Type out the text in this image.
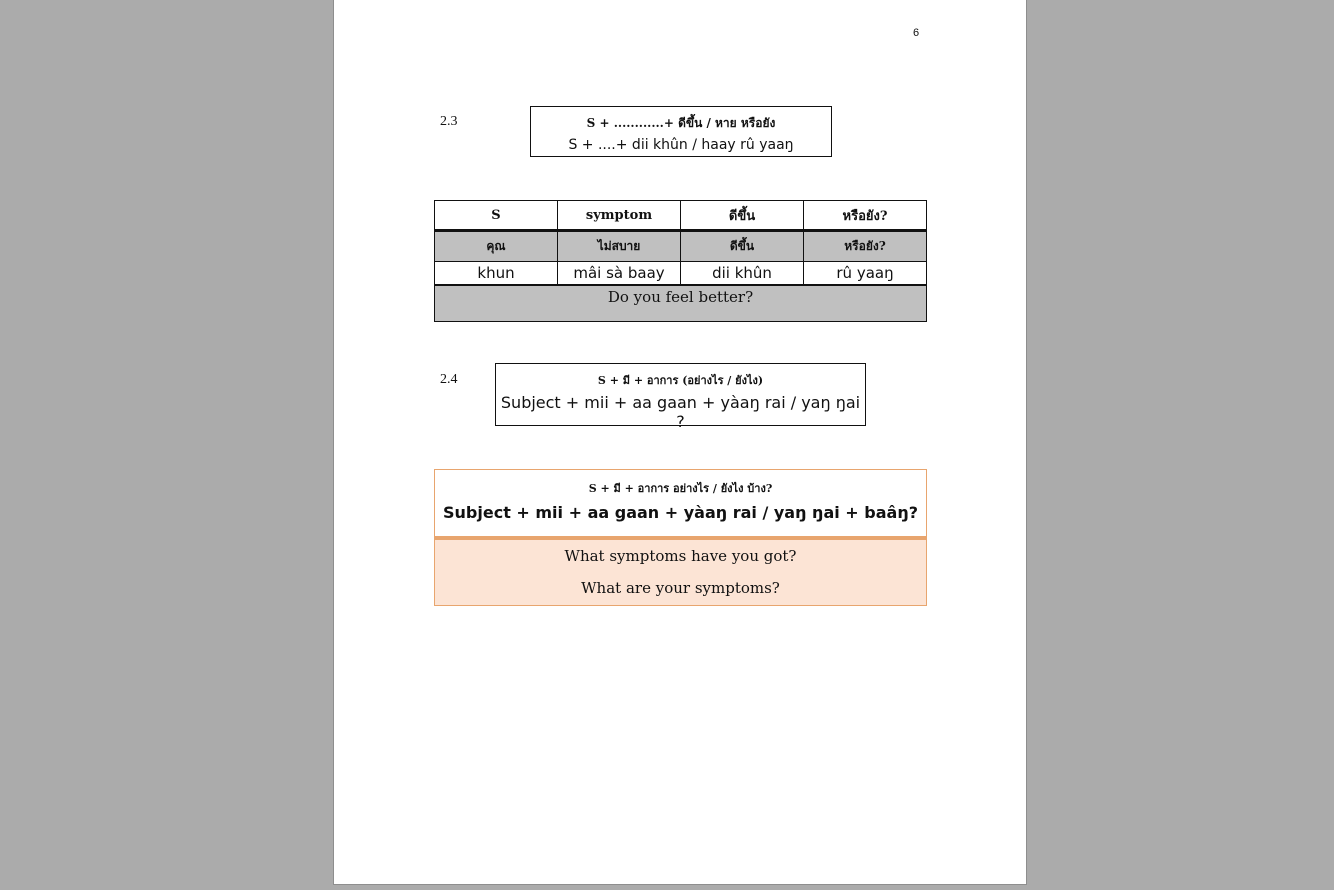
6
2.3	S + ............+ ดีขึ้น / หาย หรือยัง
S + ....+ dii khûn / haay rû yaaŋ
S	symptom	ดีขึ้น	หรือยัง?
คุณ	ไม่สบาย	ดีขึ้น	หรือยัง?
khun	mâi sà baay	dii khûn	rû yaaŋ
Do you feel better?			
2.4	S + มี + อาการ (อย่างไร / ยังไง)
Subject + mii + aa gaan + yàaŋ rai / yaŋ ŋai ?
S + มี + อาการ อย่างไร / ยังไง บ้าง?
Subject + mii + aa gaan + yàaŋ rai / yaŋ ŋai + baâŋ?
What symptoms have you got?
What are your symptoms?
